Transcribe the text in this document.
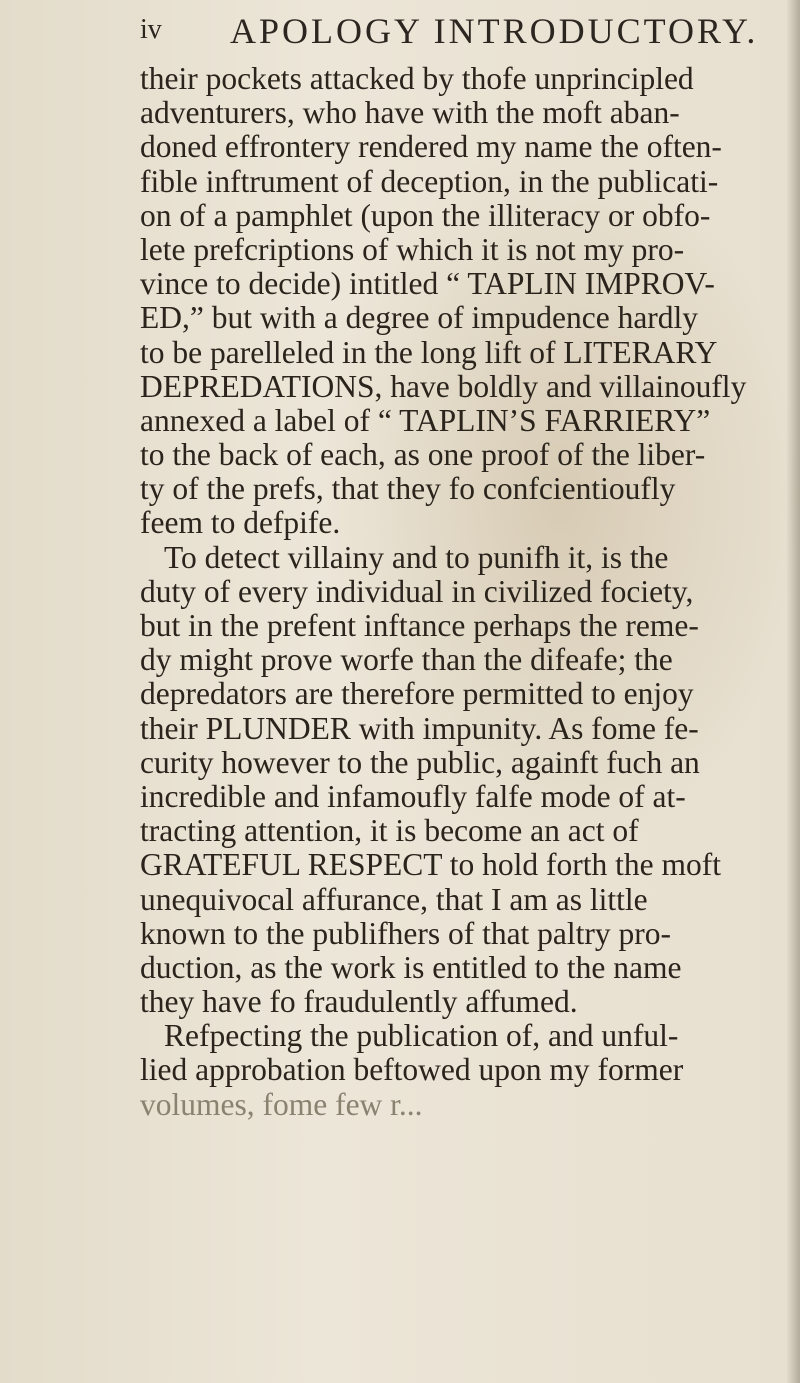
iv APOLOGY INTRODUCTORY.
their pockets attacked by thofe unprincipled
adventurers, who have with the moft aban-
doned effrontery rendered my name the often-
fible inftrument of deception, in the publicati-
on of a pamphlet (upon the illiteracy or obfo-
lete prefcriptions of which it is not my pro-
vince to decide) intitled “ TAPLIN IMPROV-
ED,” but with a degree of impudence hardly
to be parelleled in the long lift of LITERARY
DEPREDATIONS, have boldly and villainoufly
annexed a label of “ TAPLIN’S FARRIERY”
to the back of each, as one proof of the liber-
ty of the prefs, that they fo confcientioufly
feem to defpife.
To detect villainy and to punifh it, is the
duty of every individual in civilized fociety,
but in the prefent inftance perhaps the reme-
dy might prove worfe than the difeafe; the
depredators are therefore permitted to enjoy
their PLUNDER with impunity. As fome fe-
curity however to the public, againft fuch an
incredible and infamoufly falfe mode of at-
tracting attention, it is become an act of
GRATEFUL RESPECT to hold forth the moft
unequivocal affurance, that I am as little
known to the publifhers of that paltry pro-
duction, as the work is entitled to the name
they have fo fraudulently affumed.
Refpecting the publication of, and unful-
lied approbation beftowed upon my former
volumes, fome few r...
